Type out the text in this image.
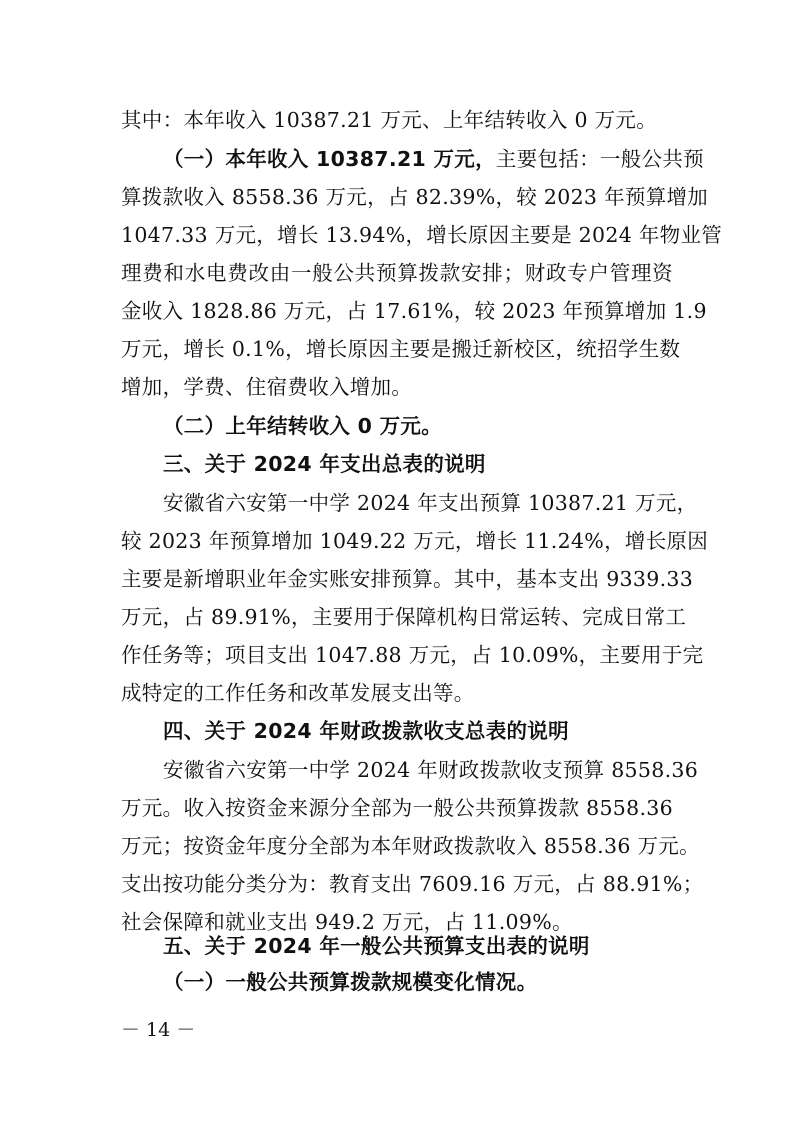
其中：本年收入 10387.21 万元、上年结转收入 0 万元。
（一）本年收入 10387.21 万元，主要包括：一般公共预
算拨款收入 8558.36 万元，占 82.39%，较 2023 年预算增加
1047.33 万元，增长 13.94%，增长原因主要是 2024 年物业管
理费和水电费改由一般公共预算拨款安排；财政专户管理资
金收入 1828.86 万元，占 17.61%，较 2023 年预算增加 1.9
万元，增长 0.1%，增长原因主要是搬迁新校区，统招学生数
增加，学费、住宿费收入增加。
（二）上年结转收入 0 万元。
三、关于 2024 年支出总表的说明
安徽省六安第一中学 2024 年支出预算 10387.21 万元，
较 2023 年预算增加 1049.22 万元，增长 11.24%，增长原因
主要是新增职业年金实账安排预算。其中，基本支出 9339.33
万元，占 89.91%，主要用于保障机构日常运转、完成日常工
作任务等；项目支出 1047.88 万元，占 10.09%，主要用于完
成特定的工作任务和改革发展支出等。
四、关于 2024 年财政拨款收支总表的说明
安徽省六安第一中学 2024 年财政拨款收支预算 8558.36
万元。收入按资金来源分全部为一般公共预算拨款 8558.36
万元；按资金年度分全部为本年财政拨款收入 8558.36 万元。
支出按功能分类分为：教育支出 7609.16 万元，占 88.91%；
社会保障和就业支出 949.2 万元，占 11.09%。
五、关于 2024 年一般公共预算支出表的说明
（一）一般公共预算拨款规模变化情况。
－ 14 －
